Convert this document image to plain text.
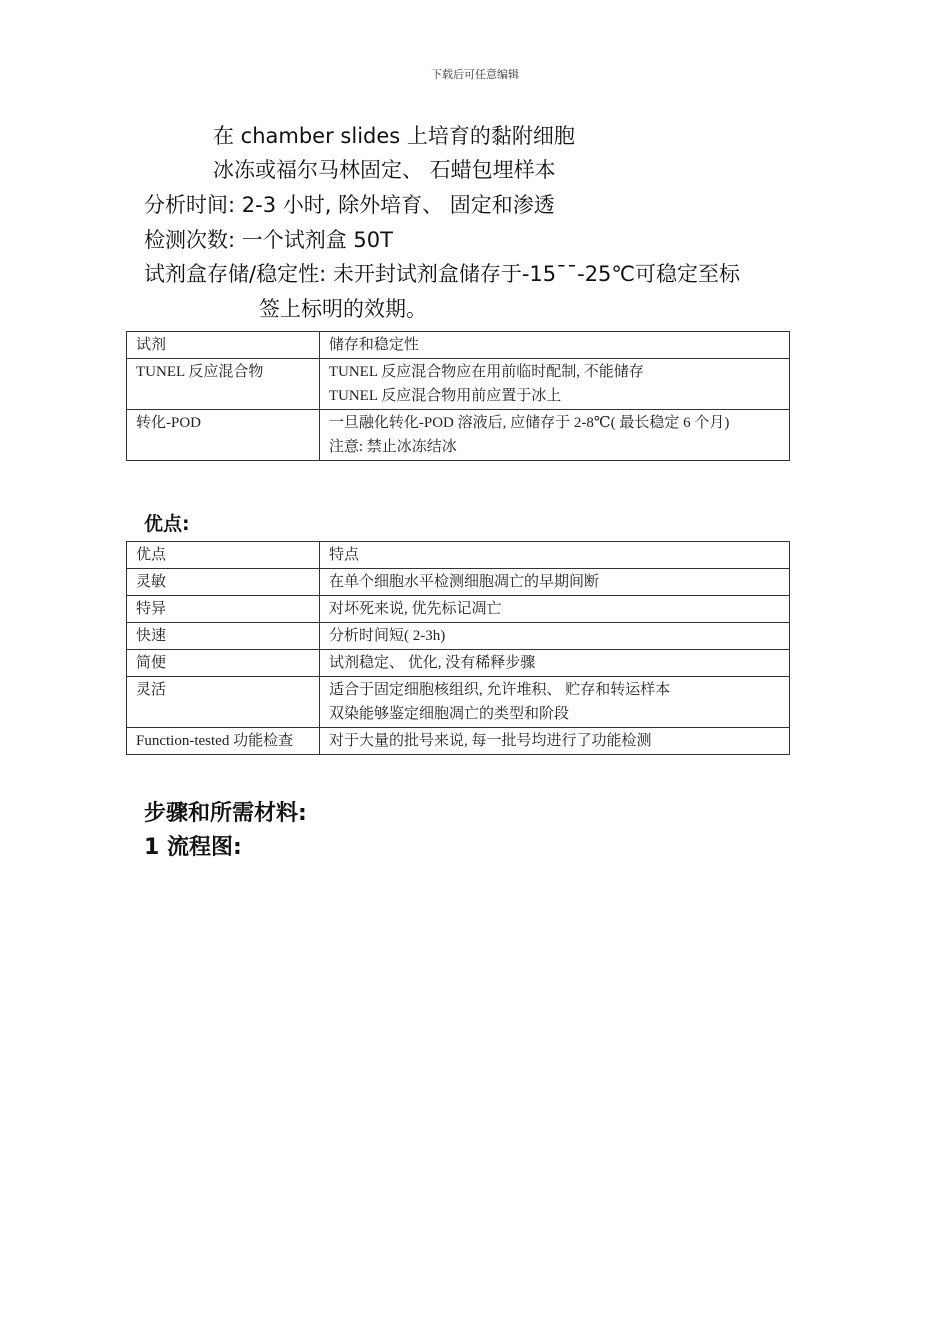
下载后可任意编辑
在 chamber slides 上培育的黏附细胞
冰冻或福尔马林固定、 石蜡包埋样本
分析时间: 2-3 小时, 除外培育、 固定和渗透
检测次数: 一个试剂盒 50T
试剂盒存储/稳定性: 未开封试剂盒储存于-15¯¯-25℃可稳定至标
签上标明的效期。
试剂	储存和稳定性
TUNEL 反应混合物	TUNEL 反应混合物应在用前临时配制, 不能储存
TUNEL 反应混合物用前应置于冰上

转化-POD	一旦融化转化-POD 溶液后, 应储存于 2-8℃( 最长稳定 6 个月)
注意: 禁止冰冻结冰
优点:
优点	特点
灵敏	在单个细胞水平检测细胞凋亡的早期间断

特异	对坏死来说, 优先标记凋亡

快速	分析时间短( 2-3h)

简便	试剂稳定、 优化, 没有稀释步骤

灵活	适合于固定细胞核组织, 允许堆积、 贮存和转运样本
双染能够鉴定细胞凋亡的类型和阶段

Function-tested 功能检查	对于大量的批号来说, 每一批号均进行了功能检测
步骤和所需材料:
1 流程图:
